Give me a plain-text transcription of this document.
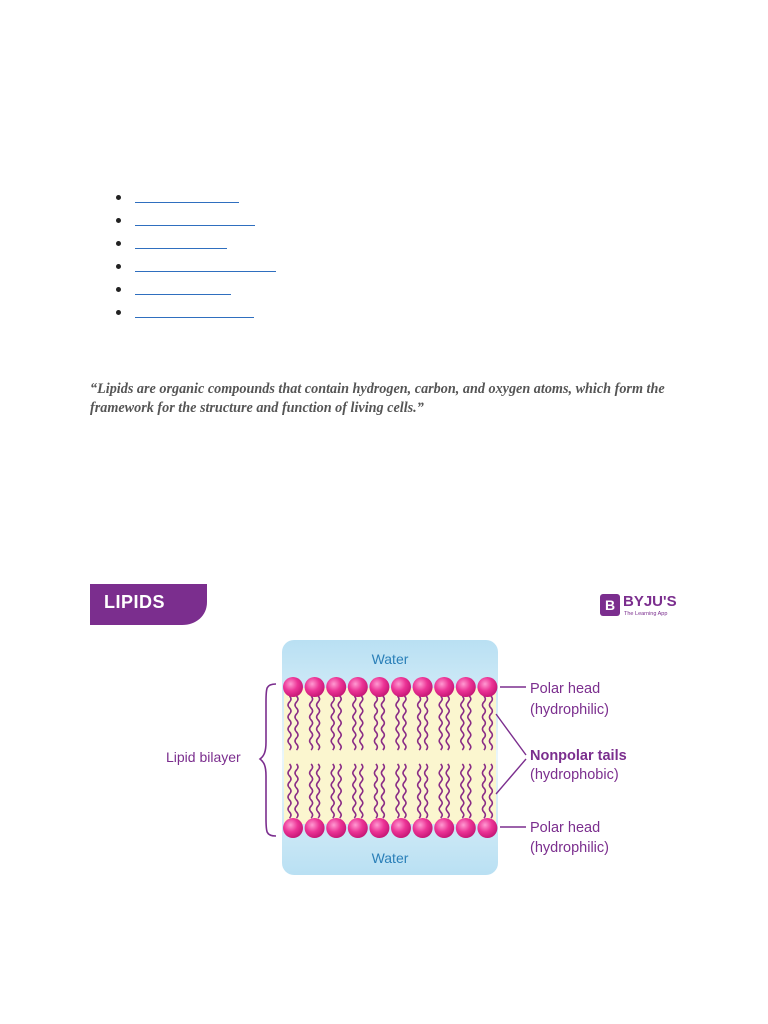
“Lipids are organic compounds that contain hydrogen, carbon, and oxygen atoms, which form the framework for the structure and function of living cells.”

LIPIDS	B BYJU'S
The Learning App
Water
Water
Lipid bilayer
Polar head
(hydrophilic)
Nonpolar tails
(hydrophobic)
Polar head
(hydrophilic)
